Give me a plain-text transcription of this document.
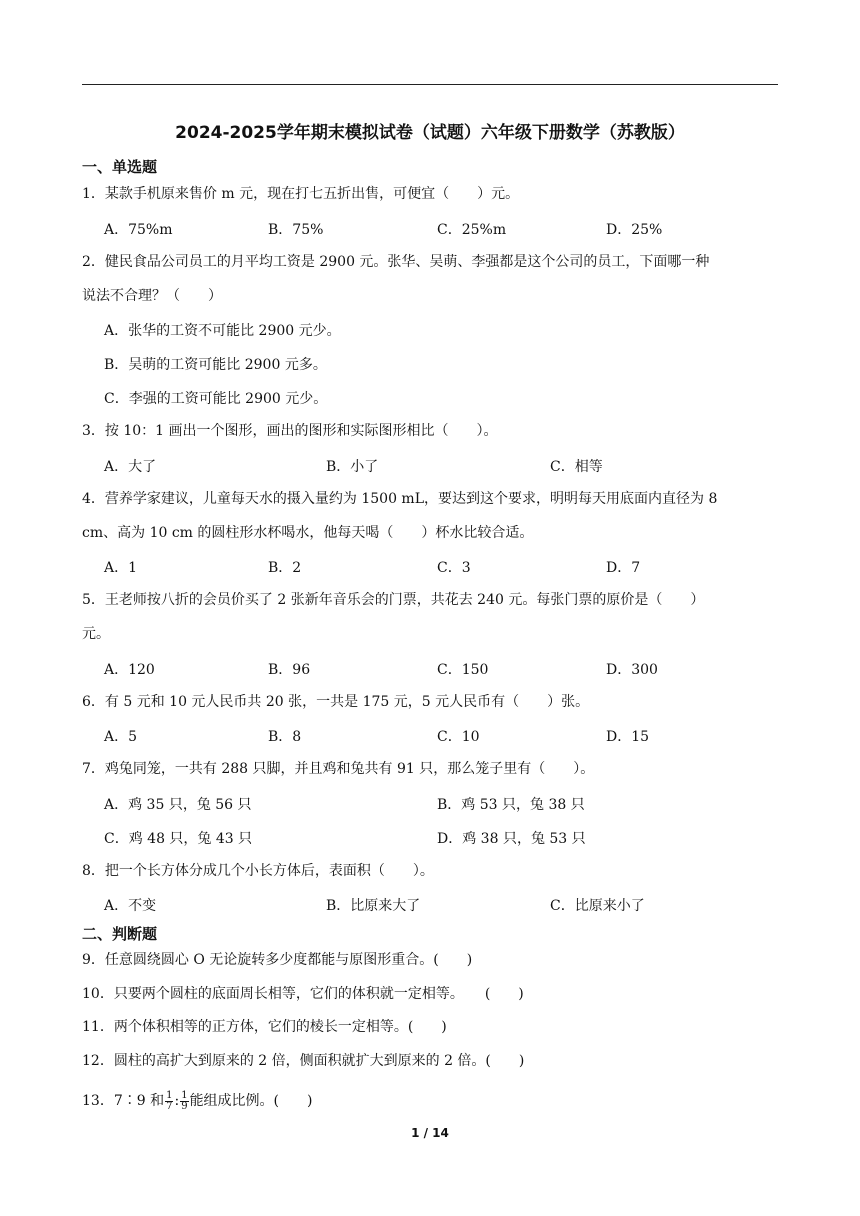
2024-2025学年期末模拟试卷（试题）六年级下册数学（苏教版）
一、单选题
1．某款手机原来售价 m 元，现在打七五折出售，可便宜（　　）元。
A．75%m	B．75%	C．25%m	D．25%
2．健民食品公司员工的月平均工资是 2900 元。张华、吴萌、李强都是这个公司的员工，下面哪一种
说法不合理？（　　）
A．张华的工资不可能比 2900 元少。
B．吴萌的工资可能比 2900 元多。
C．李强的工资可能比 2900 元少。
3．按 10：1 画出一个图形，画出的图形和实际图形相比（　　）。
A．大了	B．小了	C．相等
4．营养学家建议，儿童每天水的摄入量约为 1500 mL，要达到这个要求，明明每天用底面内直径为 8
cm、高为 10 cm 的圆柱形水杯喝水，他每天喝（　　）杯水比较合适。
A．1	B．2	C．3	D．7
5．王老师按八折的会员价买了 2 张新年音乐会的门票，共花去 240 元。每张门票的原价是（　　）
元。
A．120	B．96	C．150	D．300
6．有 5 元和 10 元人民币共 20 张，一共是 175 元，5 元人民币有（　　）张。
A．5	B．8	C．10	D．15
7．鸡兔同笼，一共有 288 只脚，并且鸡和兔共有 91 只，那么笼子里有（　　）。
A．鸡 35 只，兔 56 只	B．鸡 53 只，兔 38 只
C．鸡 48 只，兔 43 只	D．鸡 38 只，兔 53 只
8．把一个长方体分成几个小长方体后，表面积（　　）。
A．不变	B．比原来大了	C．比原来小了
二、判断题
9．任意圆绕圆心 O 无论旋转多少度都能与原图形重合。(　　)
10．只要两个圆柱的底面周长相等，它们的体积就一定相等。　　(　　)
11．两个体积相等的正方体，它们的棱长一定相等。(　　)
12．圆柱的高扩大到原来的 2 倍，侧面积就扩大到原来的 2 倍。(　　)
13．7∶9 和 $\frac{1}{7}$ : $\frac{1}{9}$ 能组成比例。(　　)
1 / 14
